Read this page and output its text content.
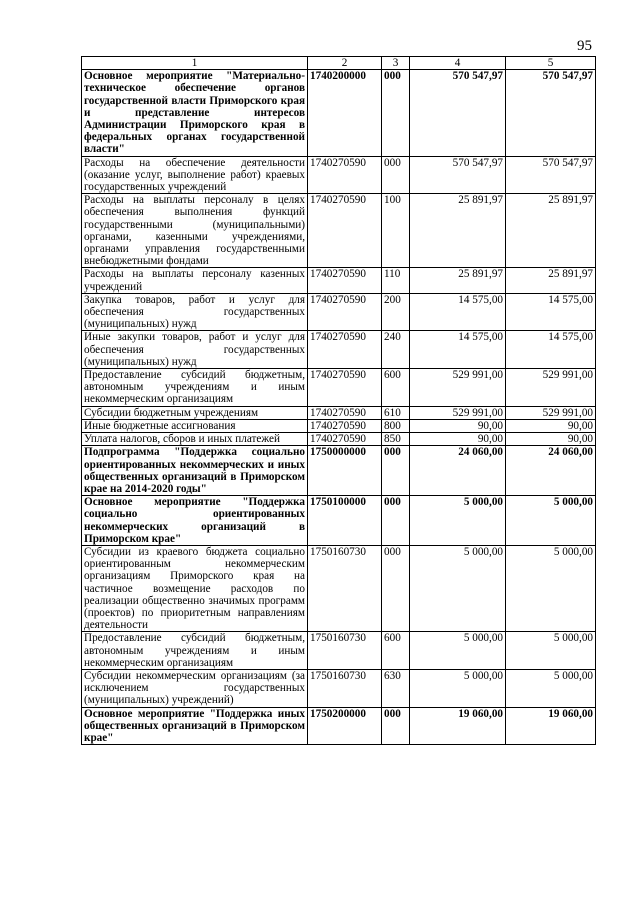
95
1	2	3	4	5
Основное мероприятие "Материально-техническое обеспечение органов государственной власти Приморского края и представление интересов Администрации Приморского края в федеральных органах государственной власти"	1740200000	000	570 547,97	570 547,97
Расходы на обеспечение деятельности (оказание услуг, выполнение работ) краевых государственных учреждений	1740270590	000	570 547,97	570 547,97
Расходы на выплаты персоналу в целях обеспечения выполнения функций государственными (муниципальными) органами, казенными учреждениями, органами управления государственными внебюджетными фондами	1740270590	100	25 891,97	25 891,97
Расходы на выплаты персоналу казенных учреждений	1740270590	110	25 891,97	25 891,97
Закупка товаров, работ и услуг для обеспечения государственных (муниципальных) нужд	1740270590	200	14 575,00	14 575,00
Иные закупки товаров, работ и услуг для обеспечения государственных (муниципальных) нужд	1740270590	240	14 575,00	14 575,00
Предоставление субсидий бюджетным, автономным учреждениям и иным некоммерческим организациям	1740270590	600	529 991,00	529 991,00
Субсидии бюджетным учреждениям	1740270590	610	529 991,00	529 991,00
Иные бюджетные ассигнования	1740270590	800	90,00	90,00
Уплата налогов, сборов и иных платежей	1740270590	850	90,00	90,00
Подпрограмма "Поддержка социально ориентированных некоммерческих и иных общественных организаций в Приморском крае на 2014-2020 годы"	1750000000	000	24 060,00	24 060,00
Основное мероприятие "Поддержка социально ориентированных некоммерческих организаций в Приморском крае"	1750100000	000	5 000,00	5 000,00
Субсидии из краевого бюджета социально ориентированным некоммерческим организациям Приморского края на частичное возмещение расходов по реализации общественно значимых программ (проектов) по приоритетным направлениям деятельности	1750160730	000	5 000,00	5 000,00
Предоставление субсидий бюджетным, автономным учреждениям и иным некоммерческим организациям	1750160730	600	5 000,00	5 000,00
Субсидии некоммерческим организациям (за исключением государственных (муниципальных) учреждений)	1750160730	630	5 000,00	5 000,00
Основное мероприятие "Поддержка иных общественных организаций в Приморском крае"	1750200000	000	19 060,00	19 060,00
